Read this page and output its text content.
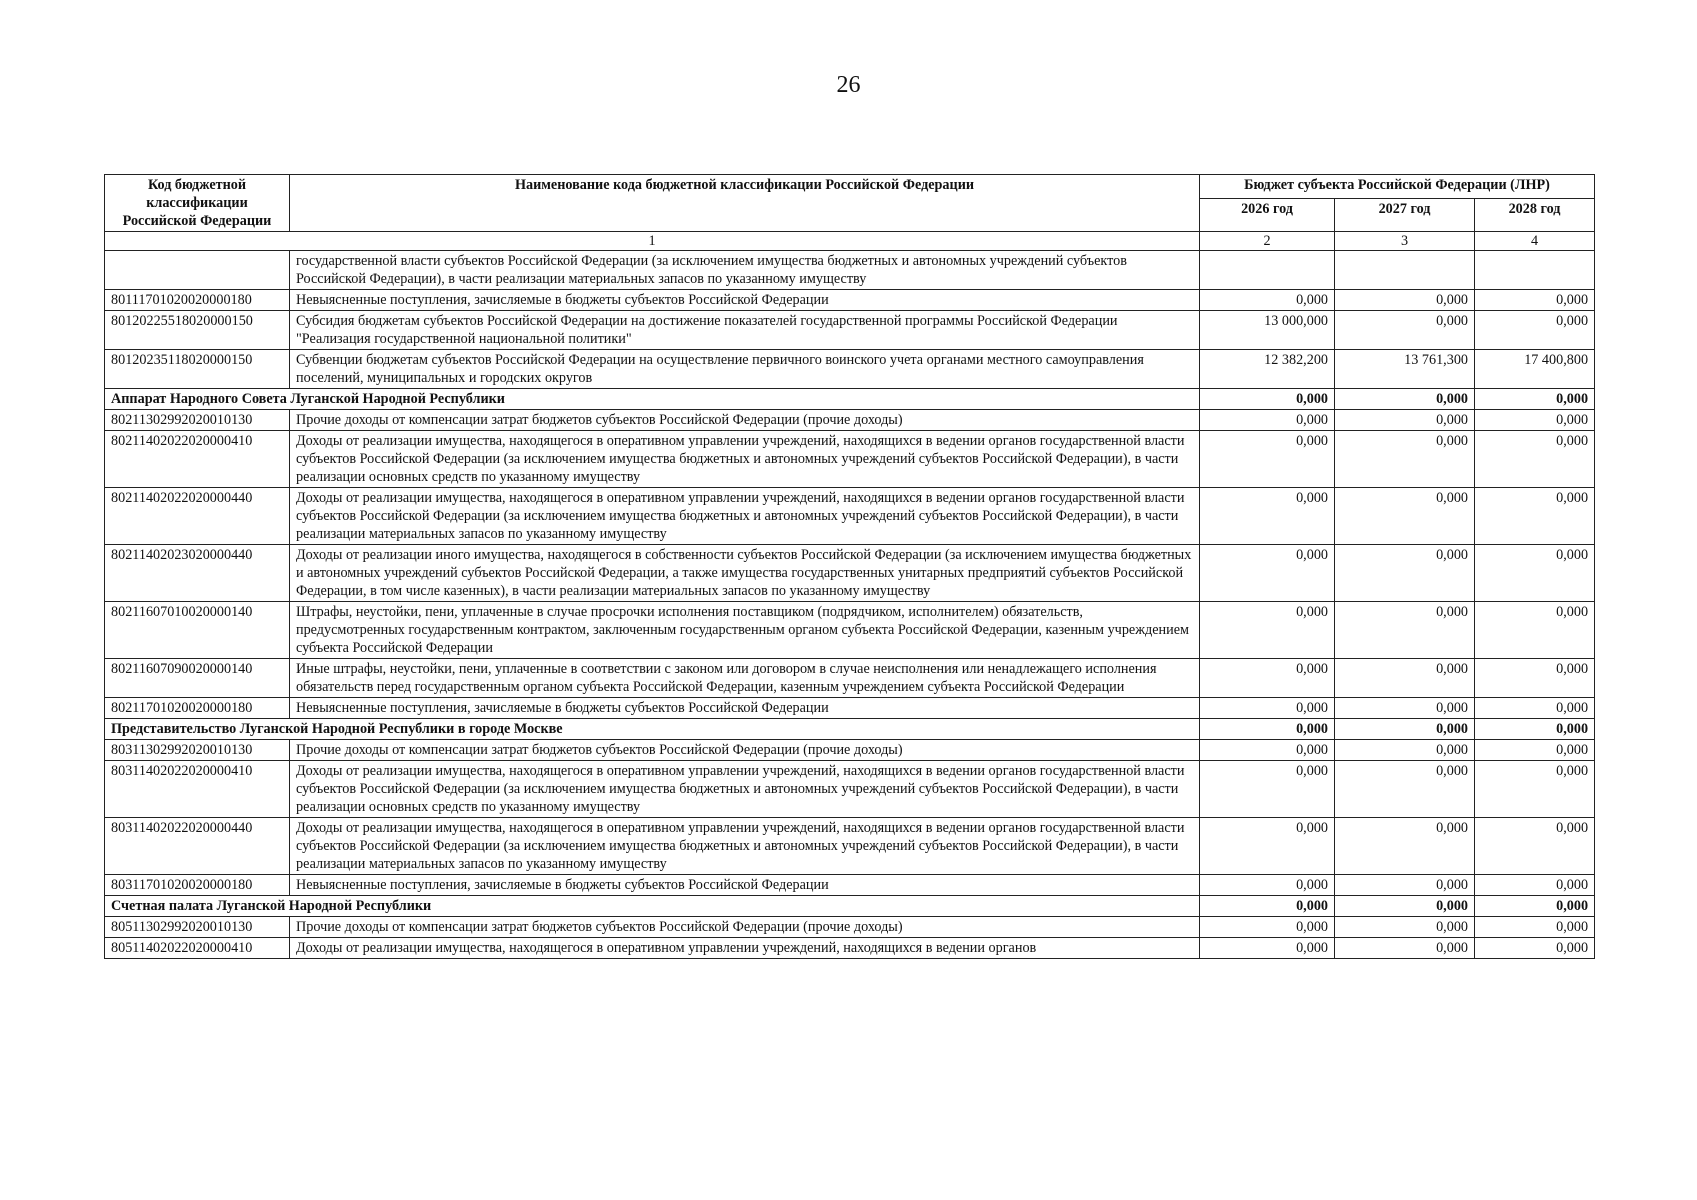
26
Код бюджетной классификации Российской Федерации	Наименование кода бюджетной классификации Российской Федерации	Бюджет субъекта Российской Федерации (ЛНР)		
		2026 год	2027 год	2028 год
1		2	3	4
	государственной власти субъектов Российской Федерации (за исключением имущества бюджетных и автономных учреждений субъектов Российской Федерации), в части реализации материальных запасов по указанному имуществу			
80111701020020000180	Невыясненные поступления, зачисляемые в бюджеты субъектов Российской Федерации	0,000	0,000	0,000
80120225518020000150	Субсидия бюджетам субъектов Российской Федерации на достижение показателей государственной программы Российской Федерации "Реализация государственной национальной политики"	13 000,000	0,000	0,000
80120235118020000150	Субвенции бюджетам субъектов Российской Федерации на осуществление первичного воинского учета органами местного самоуправления поселений, муниципальных и городских округов	12 382,200	13 761,300	17 400,800
Аппарат Народного Совета Луганской Народной Республики		0,000	0,000	0,000
80211302992020010130	Прочие доходы от компенсации затрат бюджетов субъектов Российской Федерации (прочие доходы)	0,000	0,000	0,000
80211402022020000410	Доходы от реализации имущества, находящегося в оперативном управлении учреждений, находящихся в ведении органов государственной власти субъектов Российской Федерации (за исключением имущества бюджетных и автономных учреждений субъектов Российской Федерации), в части реализации основных средств по указанному имуществу	0,000	0,000	0,000
80211402022020000440	Доходы от реализации имущества, находящегося в оперативном управлении учреждений, находящихся в ведении органов государственной власти субъектов Российской Федерации (за исключением имущества бюджетных и автономных учреждений субъектов Российской Федерации), в части реализации материальных запасов по указанному имуществу	0,000	0,000	0,000
80211402023020000440	Доходы от реализации иного имущества, находящегося в собственности субъектов Российской Федерации (за исключением имущества бюджетных и автономных учреждений субъектов Российской Федерации, а также имущества государственных унитарных предприятий субъектов Российской Федерации, в том числе казенных), в части реализации материальных запасов по указанному имуществу	0,000	0,000	0,000
80211607010020000140	Штрафы, неустойки, пени, уплаченные в случае просрочки исполнения поставщиком (подрядчиком, исполнителем) обязательств, предусмотренных государственным контрактом, заключенным государственным органом субъекта Российской Федерации, казенным учреждением субъекта Российской Федерации	0,000	0,000	0,000
80211607090020000140	Иные штрафы, неустойки, пени, уплаченные в соответствии с законом или договором в случае неисполнения или ненадлежащего исполнения обязательств перед государственным органом субъекта Российской Федерации, казенным учреждением субъекта Российской Федерации	0,000	0,000	0,000
80211701020020000180	Невыясненные поступления, зачисляемые в бюджеты субъектов Российской Федерации	0,000	0,000	0,000
Представительство Луганской Народной Республики в городе Москве		0,000	0,000	0,000
80311302992020010130	Прочие доходы от компенсации затрат бюджетов субъектов Российской Федерации (прочие доходы)	0,000	0,000	0,000
80311402022020000410	Доходы от реализации имущества, находящегося в оперативном управлении учреждений, находящихся в ведении органов государственной власти субъектов Российской Федерации (за исключением имущества бюджетных и автономных учреждений субъектов Российской Федерации), в части реализации основных средств по указанному имуществу	0,000	0,000	0,000
80311402022020000440	Доходы от реализации имущества, находящегося в оперативном управлении учреждений, находящихся в ведении органов государственной власти субъектов Российской Федерации (за исключением имущества бюджетных и автономных учреждений субъектов Российской Федерации), в части реализации материальных запасов по указанному имуществу	0,000	0,000	0,000
80311701020020000180	Невыясненные поступления, зачисляемые в бюджеты субъектов Российской Федерации	0,000	0,000	0,000
Счетная палата Луганской Народной Республики		0,000	0,000	0,000
80511302992020010130	Прочие доходы от компенсации затрат бюджетов субъектов Российской Федерации (прочие доходы)	0,000	0,000	0,000
80511402022020000410	Доходы от реализации имущества, находящегося в оперативном управлении учреждений, находящихся в ведении органов	0,000	0,000	0,000
